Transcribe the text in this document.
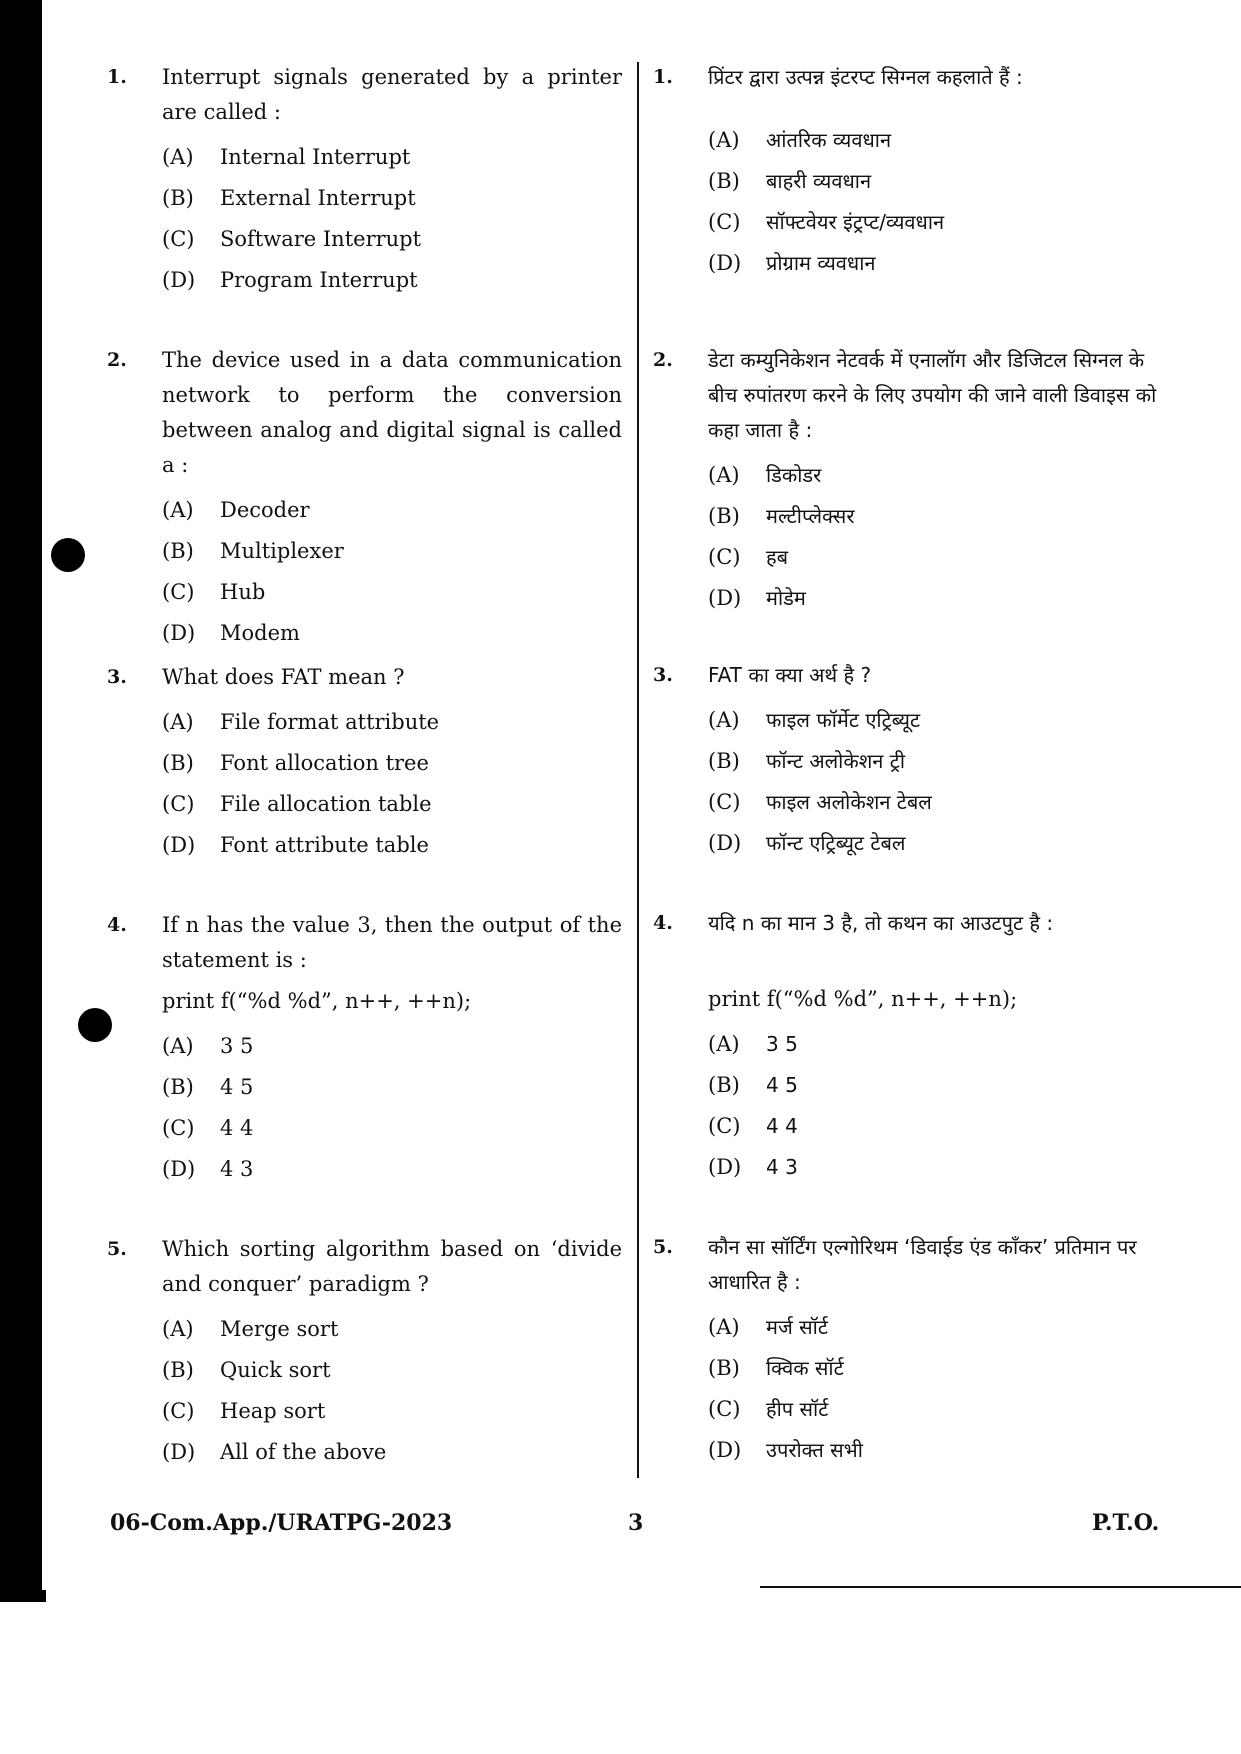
1.	Interrupt signals generated by a printer are called :
(A)	Internal Interrupt
(B)	External Interrupt
(C)	Software Interrupt
(D)	Program Interrupt
2.	The device used in a data communication network to perform the conversion between analog and digital signal is called a :
(A)	Decoder
(B)	Multiplexer
(C)	Hub
(D)	Modem
3.	What does FAT mean ?
(A)	File format attribute
(B)	Font allocation tree
(C)	File allocation table
(D)	Font attribute table
4.	If n has the value 3, then the output of the statement is :
print f(“%d %d”, n++, ++n);
(A)	3 5
(B)	4 5
(C)	4 4
(D)	4 3
5.	Which sorting algorithm based on ‘divide and conquer’ paradigm ?
(A)	Merge sort
(B)	Quick sort
(C)	Heap sort
(D)	All of the above
1.	प्रिंटर द्वारा उत्पन्न इंटरप्ट सिग्नल कहलाते हैं :
(A)	आंतरिक व्यवधान
(B)	बाहरी व्यवधान
(C)	सॉफ्टवेयर इंट्रप्ट/व्यवधान
(D)	प्रोग्राम व्यवधान
2.	डेटा कम्युनिकेशन नेटवर्क में एनालॉग और डिजिटल सिग्नल के बीच रुपांतरण करने के लिए उपयोग की जाने वाली डिवाइस को कहा जाता है :
(A)	डिकोडर
(B)	मल्टीप्लेक्सर
(C)	हब
(D)	मोडेम
3.	FAT का क्या अर्थ है ?
(A)	फाइल फॉर्मेट एट्रिब्यूट
(B)	फॉन्ट अलोकेशन ट्री
(C)	फाइल अलोकेशन टेबल
(D)	फॉन्ट एट्रिब्यूट टेबल
4.	यदि n का मान 3 है, तो कथन का आउटपुट है :
print f(“%d %d”, n++, ++n);
(A)	3 5
(B)	4 5
(C)	4 4
(D)	4 3
5.	कौन सा सॉर्टिंग एल्गोरिथम ‘डिवाईड एंड कॉंकर’ प्रतिमान पर आधारित है :
(A)	मर्ज सॉर्ट
(B)	क्विक सॉर्ट
(C)	हीप सॉर्ट
(D)	उपरोक्त सभी
06-Com.App./URATPG-2023	3	P.T.O.
